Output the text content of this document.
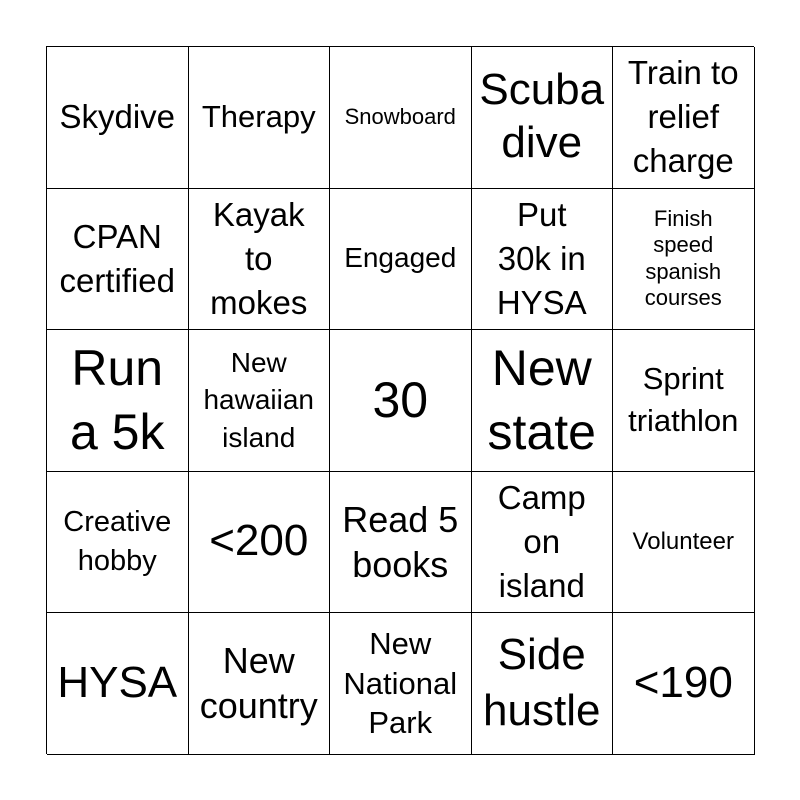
Skydive Therapy Snowboard
Scuba
dive
Train to
relief
charge
CPAN
certified
Kayak
to
mokes
Engaged
Put
30k in
HYSA
Finish
speed
spanish
courses
Run
a 5k
New
hawaiian
island
30
New
state
Sprint
triathlon
Creative
hobby	<200 Read 5
books
Camp
on
island
Volunteer
HYSA	New
country
New
National
Park
Side
hustle
<190
